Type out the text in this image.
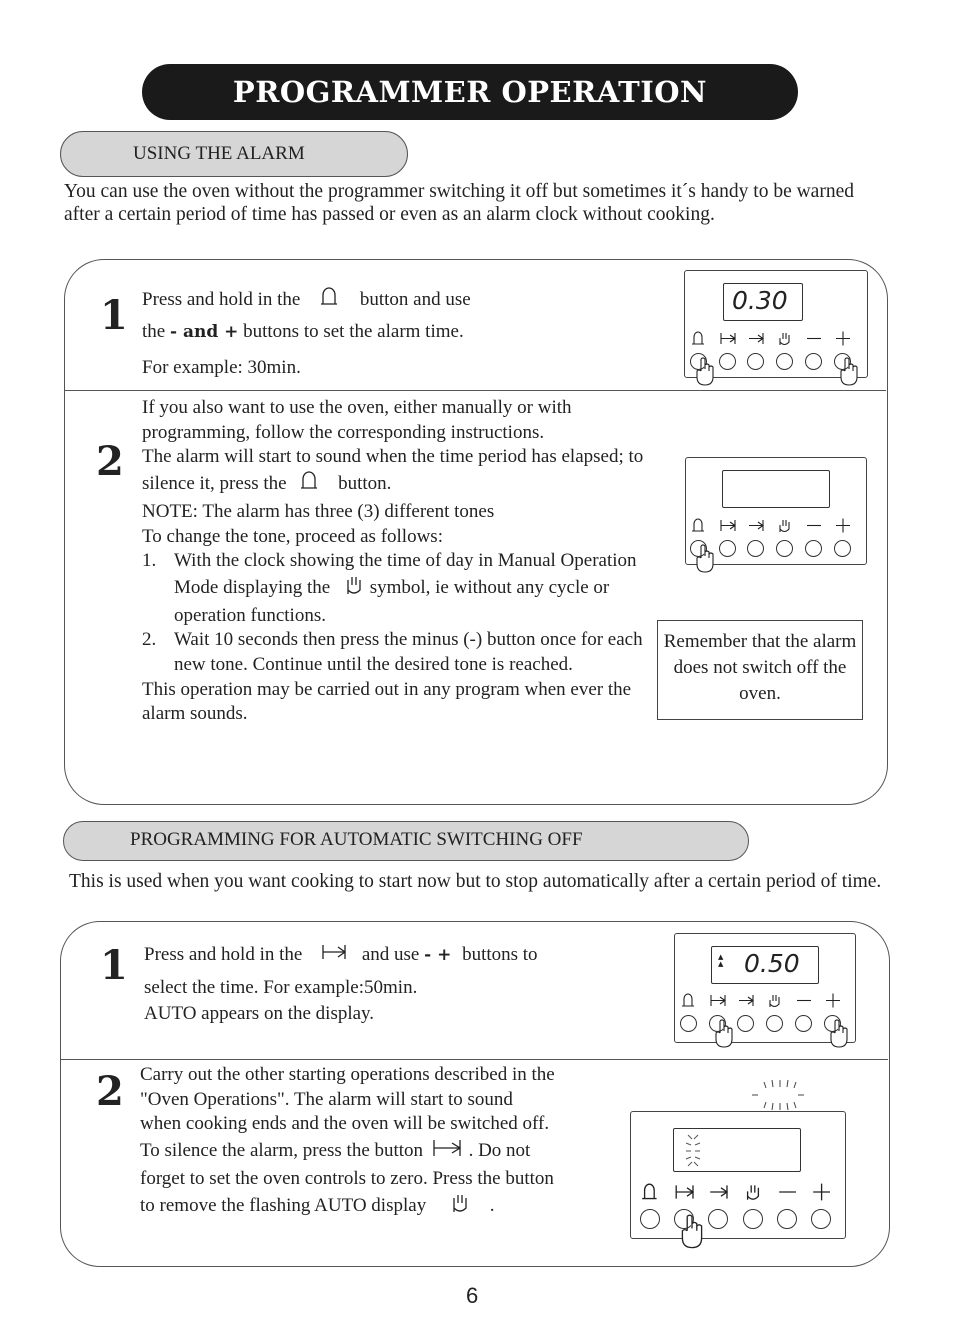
PROGRAMMER OPERATION
USING THE ALARM
You can use the oven without the programmer switching it off but sometimes it´s handy to be warned after a certain period of time has passed or even as an alarm clock without cooking.
1 Press and hold in the	button and use
the - and + buttons to set the alarm time.
For example: 30min.
0.30
2

If you also want to use the oven, either manually or with programming, follow the corresponding instructions.

The alarm will start to sound when the time period has elapsed; to silence it, press the	button.

NOTE: The alarm has three (3) different tones

To change the tone, proceed as follows:

1. With the clock showing the time of day in Manual Operation Mode displaying the symbol, ie without any cycle or operation functions.
2. Wait 10 seconds then press the minus (-) button once for each new tone. Continue until the desired tone is reached.

This operation may be carried out in any program when ever the alarm sounds.

Remember that the alarm does not switch off the oven.
PROGRAMMING FOR AUTOMATIC SWITCHING OFF
This is used when you want cooking to start now but to stop automatically after a certain period of time.
1 Press and hold in the	and use - + buttons to
select the time. For example:50min.
AUTO appears on the display.
▲
▲ 0.50
2 Carry out the other starting operations described in the "Oven Operations". The alarm will start to sound when cooking ends and the oven will be switched off. To silence the alarm, press the button . Do not forget to set the oven controls to zero. Press the button to remove the flashing AUTO display	.
6
